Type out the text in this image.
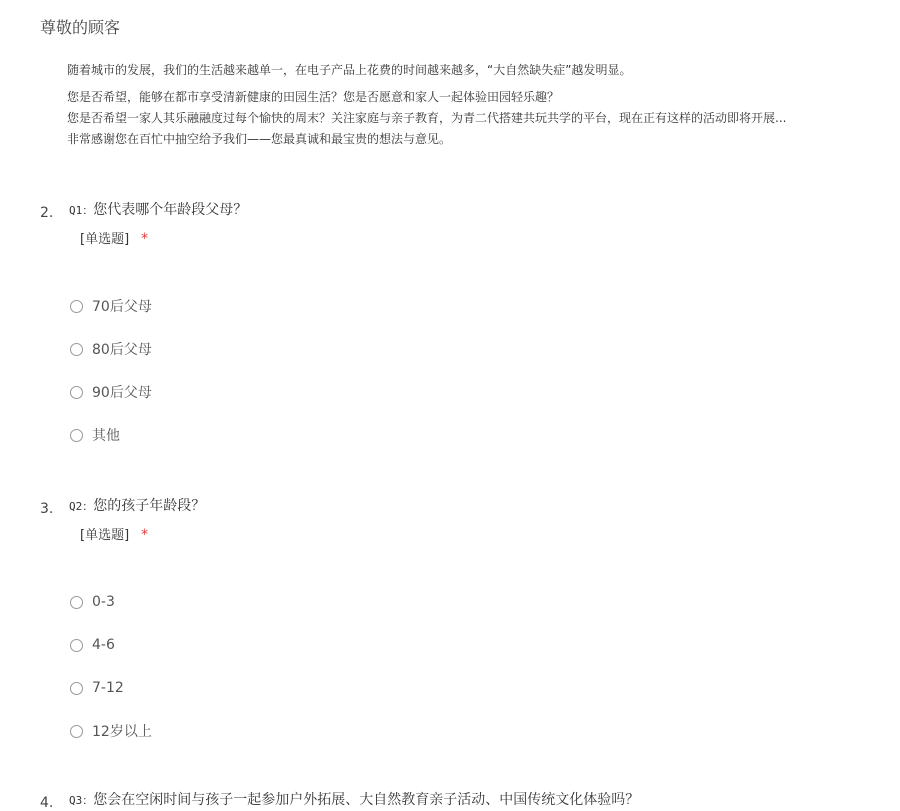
尊敬的顾客

随着城市的发展，我们的生活越来越单一，在电子产品上花费的时间越来越多，“大自然缺失症”越发明显。

您是否希望，能够在都市享受清新健康的田园生活？您是否愿意和家人一起体验田园轻乐趣？

您是否希望一家人其乐融融度过每个愉快的周末？关注家庭与亲子教育，为青二代搭建共玩共学的平台，现在正有这样的活动即将开展...

非常感谢您在百忙中抽空给予我们——您最真诚和最宝贵的想法与意见。

2. Q1：您代表哪个年龄段父母？
[单选题] *
70后父母
80后父母
90后父母
其他
3. Q2：您的孩子年龄段？
[单选题] *
0-3
4-6
7-12
12岁以上
4. Q3：您会在空闲时间与孩子一起参加户外拓展、大自然教育亲子活动、中国传统文化体验吗？
